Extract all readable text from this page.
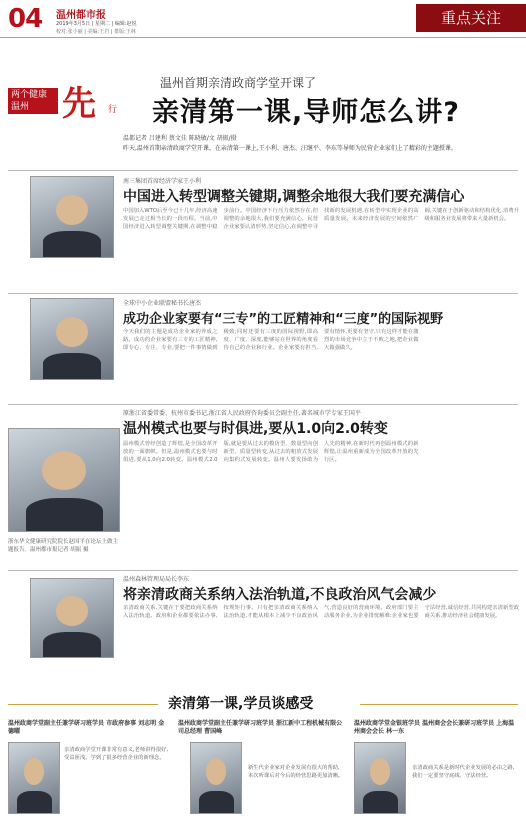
04 温州都市报
2019年3月5日 | 星期二 | 编辑:赵悦
校对:张小丽 | 美编:王岩 | 排版:王林
重点关注
两个健康 温州 先 行
温州首期亲清政商学堂开课了
亲清第一课,导师怎么讲?
温都记者 吕建利 蔡文佳 陈晓敏/文 胡振/摄
昨天,温州首期亲清政商学堂开课。在亲清第一课上,王小利、唐杰、汪继平、李东等导师为民营企业家们上了精彩的主题授课。
南三集团首席经济学家王小利
中国进入转型调整关键期,调整余地很大我们要充满信心
中国加入WTO后至今已十几年,经济高速发展已走过相当长的一段历程。当前,中国经济进入转型调整关键期,在调整中稳步前行。中国经济下行压力依然存在,但调整的余地很大,我们要充满信心。民营企业家要认清形势,坚定信心,在调整中寻找新的发展机遇,在转型中实现企业的高质量发展。未来经济发展的空间依然广阔,关键在于创新驱动和结构优化,消费升级和服务业发展将带来大量新机会。
全球中小企业联盟秘书长唐杰
成功企业家要有“三专”的工匠精神和“三度”的国际视野
今天我们的主题是成功企业家的养成之路。成功的企业家要有三专的工匠精神,即专心、专注、专业,要把一件事情做到极致;同时还要有三度的国际视野,即高度、广度、深度,能够站在世界的角度看待自己的企业和行业。企业家要有担当,要有情怀,更要有坚守,只有这样才能在激烈的市场竞争中立于不败之地,把企业做大做强做久。
浙东华文健康研究院院长赵国平在论坛上做主题报告。温州都市报记者 胡振 摄
原浙江省委常委、杭州市委书记,浙江省人民政府咨询委员会副主任,著名城市学专家王国平
温州模式也要与时俱进,要从1.0向2.0转变
温州模式曾经创造了辉煌,是全国改革开放的一面旗帜。但是,温州模式也要与时俱进,要从1.0向2.0转变。温州模式2.0版,就是要从过去的模仿型、数量型向创新型、质量型转变,从过去的粗放式发展向集约式发展转变。温州人要发扬敢为人先的精神,在新时代再创温州模式的新辉煌,让温州重新成为全国改革开放的先行区。
温州森林管理局局长李东
将亲清政商关系纳入法治轨道,不良政治风气会减少
亲清政商关系,关键在于要把政商关系纳入法治轨道。政府和企业都要依法办事,按规矩行事。只有把亲清政商关系纳入法治轨道,才能从根本上减少不良政治风气,营造良好的营商环境。政府部门要主动服务企业,为企业排忧解难;企业家也要守法经营,诚信经营,共同构建亲清新型政商关系,推动经济社会健康发展。
亲清第一课,学员谈感受
温州政商学堂副主任兼学研习班学员 市政府参事 刘志明 金德曜
亲清政商学堂开课非常有意义,老师讲得很好,受益匪浅。学到了很多经营企业的新理念。
温州政商学堂副主任兼学研习班学员 浙江新中工程机械有限公司总经理 曹国峰
新生代企业家对企业发展有很大的帮助,本次听课后对今后的经营思路更加清晰。
温州政商学堂金银班学员 温州商会会长兼研习班学员 上海温州商会会长 林一东
亲清政商关系是新时代企业发展的必由之路,我们一定要坚守底线、守法经营。
